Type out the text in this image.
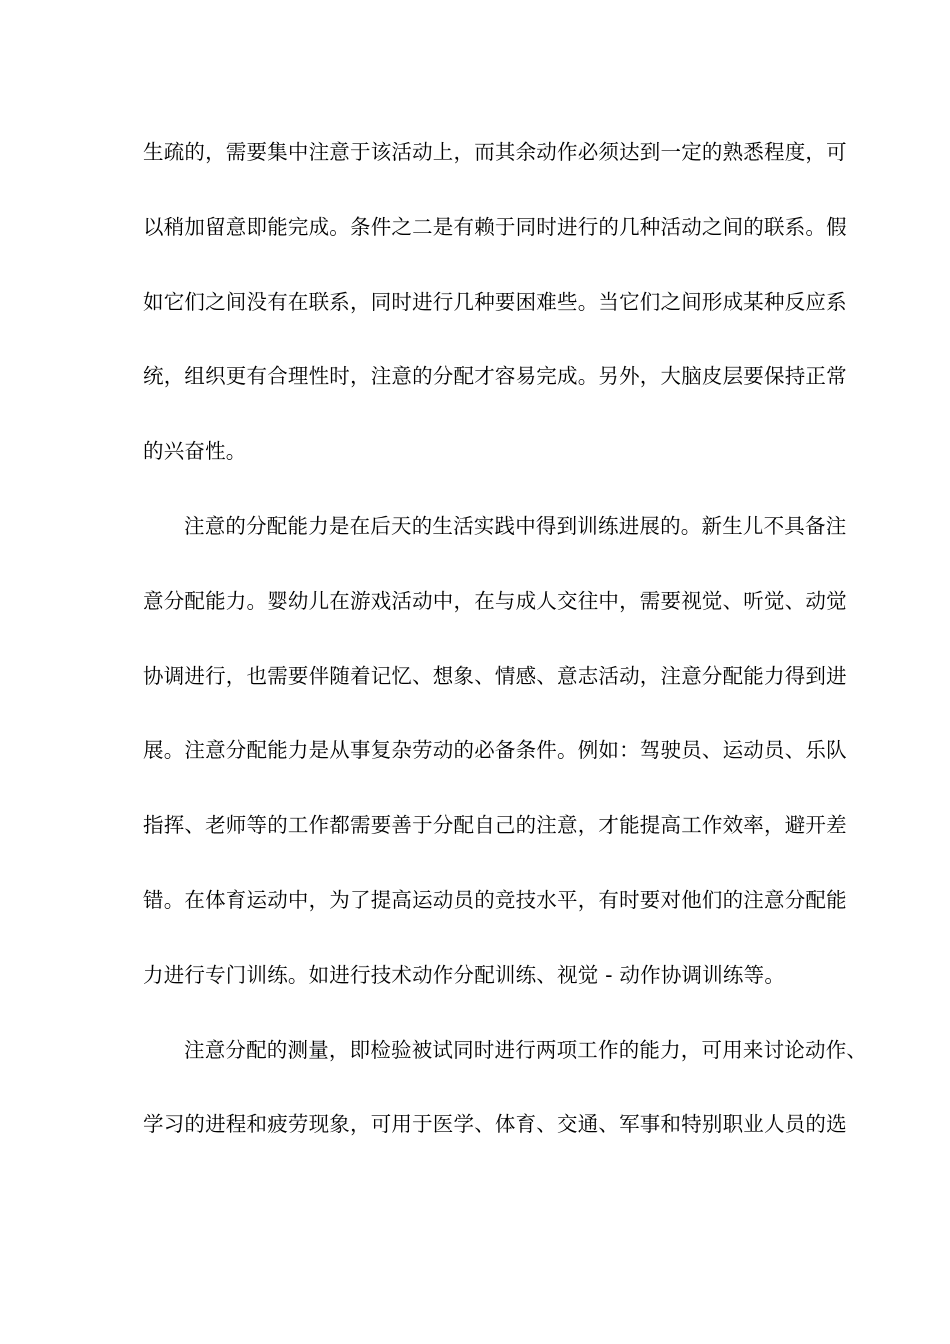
生疏的，需要集中注意于该活动上，而其余动作必须达到一定的熟悉程度，可
以稍加留意即能完成。条件之二是有赖于同时进行的几种活动之间的联系。假
如它们之间没有在联系，同时进行几种要困难些。当它们之间形成某种反应系
统，组织更有合理性时，注意的分配才容易完成。另外，大脑皮层要保持正常
的兴奋性。
注意的分配能力是在后天的生活实践中得到训练进展的。新生儿不具备注
意分配能力。婴幼儿在游戏活动中，在与成人交往中，需要视觉、听觉、动觉
协调进行，也需要伴随着记忆、想象、情感、意志活动，注意分配能力得到进
展。注意分配能力是从事复杂劳动的必备条件。例如：驾驶员、运动员、乐队
指挥、老师等的工作都需要善于分配自己的注意，才能提高工作效率，避开差
错。在体育运动中，为了提高运动员的竞技水平，有时要对他们的注意分配能
力进行专门训练。如进行技术动作分配训练、视觉 - 动作协调训练等。
注意分配的测量，即检验被试同时进行两项工作的能力，可用来讨论动作、
学习的进程和疲劳现象，可用于医学、体育、交通、军事和特别职业人员的选
